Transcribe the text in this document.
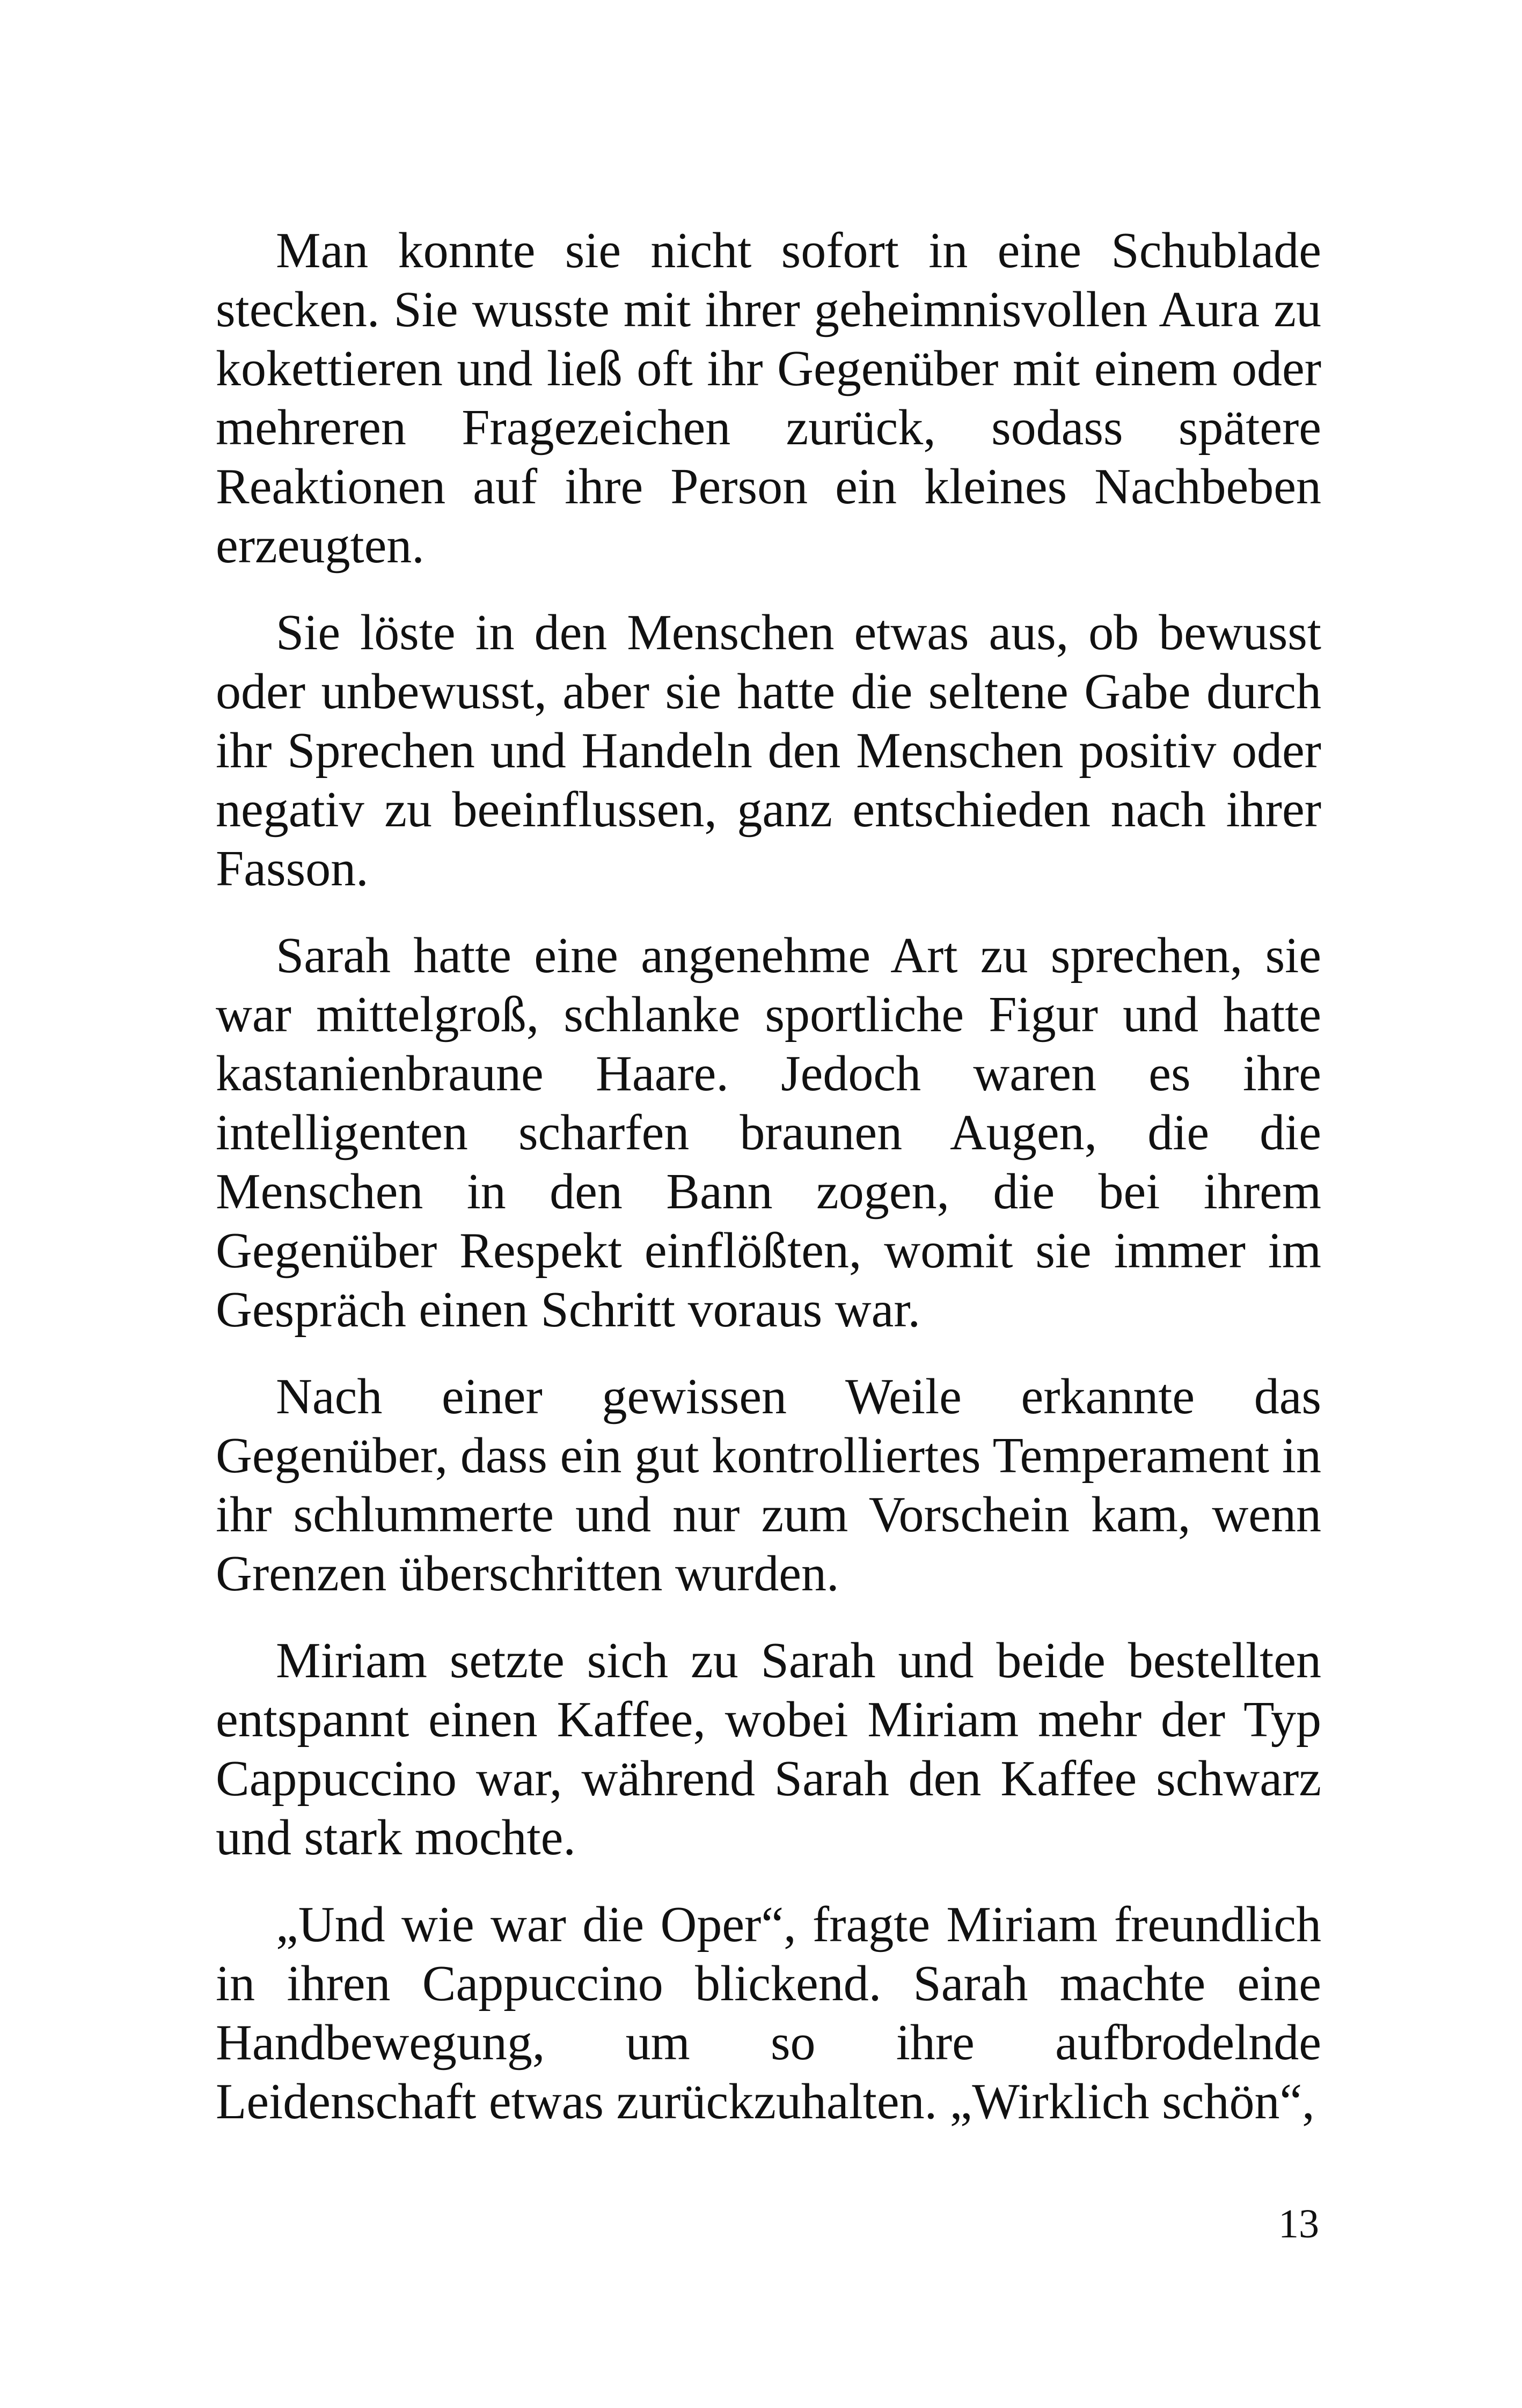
Man konnte sie nicht sofort in eine Schublade stecken. Sie wusste mit ihrer geheimnisvollen Aura zu kokettieren und ließ oft ihr Gegenüber mit einem oder mehreren Fragezeichen zurück, sodass spätere Reaktionen auf ihre Person ein kleines Nachbeben erzeugten.

Sie löste in den Menschen etwas aus, ob bewusst oder unbewusst, aber sie hatte die seltene Gabe durch ihr Sprechen und Handeln den Menschen positiv oder negativ zu beeinflussen, ganz entschieden nach ihrer Fasson.

Sarah hatte eine angenehme Art zu sprechen, sie war mittelgroß, schlanke sportliche Figur und hatte kastanienbraune Haare. Jedoch waren es ihre intelligenten scharfen braunen Augen, die die Menschen in den Bann zogen, die bei ihrem Gegenüber Respekt einflößten, womit sie immer im Gespräch einen Schritt voraus war.

Nach einer gewissen Weile erkannte das Gegenüber, dass ein gut kontrolliertes Temperament in ihr schlummerte und nur zum Vorschein kam, wenn Grenzen überschritten wurden.

Miriam setzte sich zu Sarah und beide bestellten entspannt einen Kaffee, wobei Miriam mehr der Typ Cappuccino war, während Sarah den Kaffee schwarz und stark mochte.

„Und wie war die Oper“, fragte Miriam freundlich in ihren Cappuccino blickend. Sarah machte eine Handbewegung, um so ihre aufbrodelnde Leidenschaft etwas zurückzuhalten. „Wirklich schön“,

13
